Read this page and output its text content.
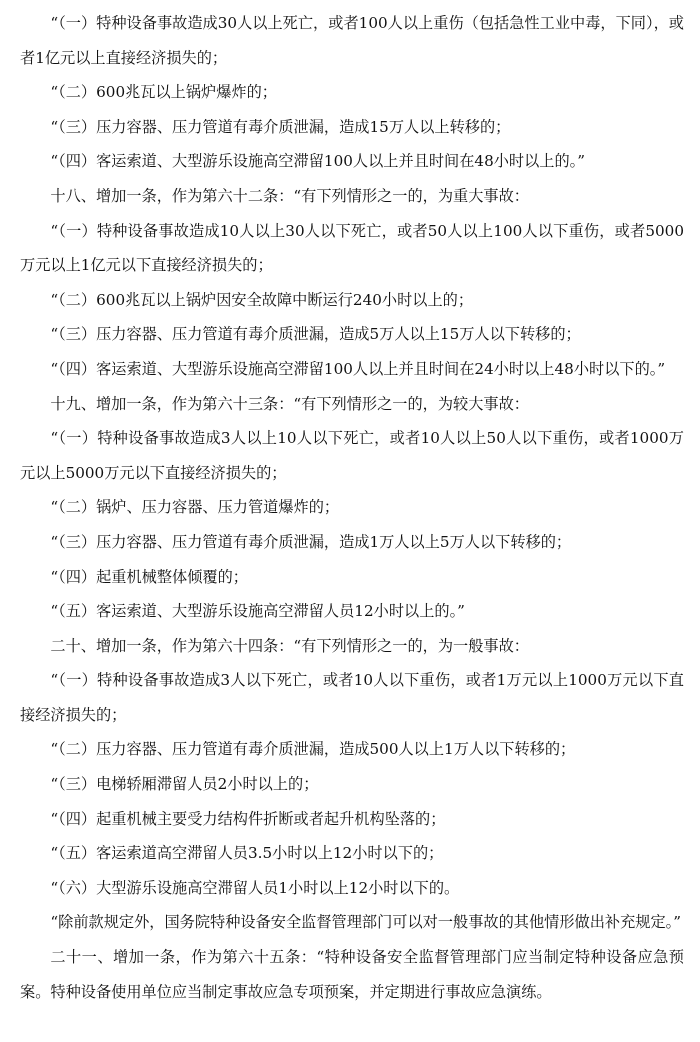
“（一）特种设备事故造成30人以上死亡，或者100人以上重伤（包括急性工业中毒，下同），或者1亿元以上直接经济损失的；

“（二）600兆瓦以上锅炉爆炸的；

“（三）压力容器、压力管道有毒介质泄漏，造成15万人以上转移的；

“（四）客运索道、大型游乐设施高空滞留100人以上并且时间在48小时以上的。”

十八、增加一条，作为第六十二条：“有下列情形之一的，为重大事故：

“（一）特种设备事故造成10人以上30人以下死亡，或者50人以上100人以下重伤，或者5000万元以上1亿元以下直接经济损失的；

“（二）600兆瓦以上锅炉因安全故障中断运行240小时以上的；

“（三）压力容器、压力管道有毒介质泄漏，造成5万人以上15万人以下转移的；

“（四）客运索道、大型游乐设施高空滞留100人以上并且时间在24小时以上48小时以下的。”

十九、增加一条，作为第六十三条：“有下列情形之一的，为较大事故：

“（一）特种设备事故造成3人以上10人以下死亡，或者10人以上50人以下重伤，或者1000万元以上5000万元以下直接经济损失的；

“（二）锅炉、压力容器、压力管道爆炸的；

“（三）压力容器、压力管道有毒介质泄漏，造成1万人以上5万人以下转移的；

“（四）起重机械整体倾覆的；

“（五）客运索道、大型游乐设施高空滞留人员12小时以上的。”

二十、增加一条，作为第六十四条：“有下列情形之一的，为一般事故：

“（一）特种设备事故造成3人以下死亡，或者10人以下重伤，或者1万元以上1000万元以下直接经济损失的；

“（二）压力容器、压力管道有毒介质泄漏，造成500人以上1万人以下转移的；

“（三）电梯轿厢滞留人员2小时以上的；

“（四）起重机械主要受力结构件折断或者起升机构坠落的；

“（五）客运索道高空滞留人员3.5小时以上12小时以下的；

“（六）大型游乐设施高空滞留人员1小时以上12小时以下的。

“除前款规定外，国务院特种设备安全监督管理部门可以对一般事故的其他情形做出补充规定。”

二十一、增加一条，作为第六十五条：“特种设备安全监督管理部门应当制定特种设备应急预案。特种设备使用单位应当制定事故应急专项预案，并定期进行事故应急演练。
